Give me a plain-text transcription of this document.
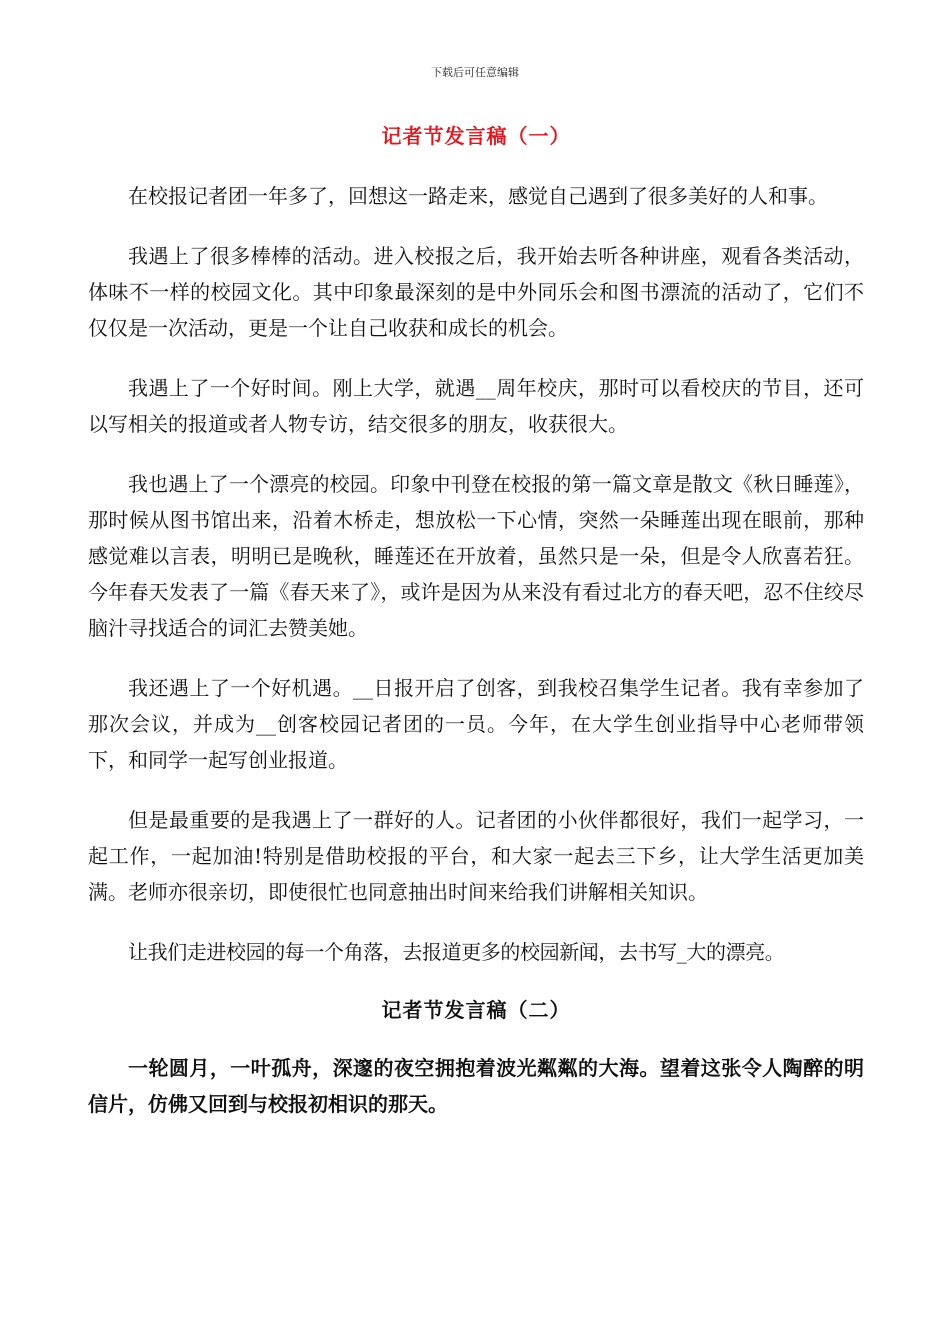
下载后可任意编辑
记者节发言稿（一）

在校报记者团一年多了，回想这一路走来，感觉自己遇到了很多美好的人和事。

我遇上了很多棒棒的活动。进入校报之后，我开始去听各种讲座，观看各类活动，体味不一样的校园文化。其中印象最深刻的是中外同乐会和图书漂流的活动了，它们不仅仅是一次活动，更是一个让自己收获和成长的机会。

我遇上了一个好时间。刚上大学，就遇__周年校庆，那时可以看校庆的节目，还可以写相关的报道或者人物专访，结交很多的朋友，收获很大。

我也遇上了一个漂亮的校园。印象中刊登在校报的第一篇文章是散文《秋日睡莲》，那时候从图书馆出来，沿着木桥走，想放松一下心情，突然一朵睡莲出现在眼前，那种感觉难以言表，明明已是晚秋，睡莲还在开放着，虽然只是一朵，但是令人欣喜若狂。今年春天发表了一篇《春天来了》，或许是因为从来没有看过北方的春天吧，忍不住绞尽脑汁寻找适合的词汇去赞美她。

我还遇上了一个好机遇。__日报开启了创客，到我校召集学生记者。我有幸参加了那次会议，并成为__创客校园记者团的一员。今年，在大学生创业指导中心老师带领下，和同学一起写创业报道。

但是最重要的是我遇上了一群好的人。记者团的小伙伴都很好，我们一起学习，一起工作，一起加油!特别是借助校报的平台，和大家一起去三下乡，让大学生活更加美满。老师亦很亲切，即使很忙也同意抽出时间来给我们讲解相关知识。

让我们走进校园的每一个角落，去报道更多的校园新闻，去书写_大的漂亮。

记者节发言稿（二）

一轮圆月，一叶孤舟，深邃的夜空拥抱着波光粼粼的大海。望着这张令人陶醉的明信片，仿佛又回到与校报初相识的那天。
